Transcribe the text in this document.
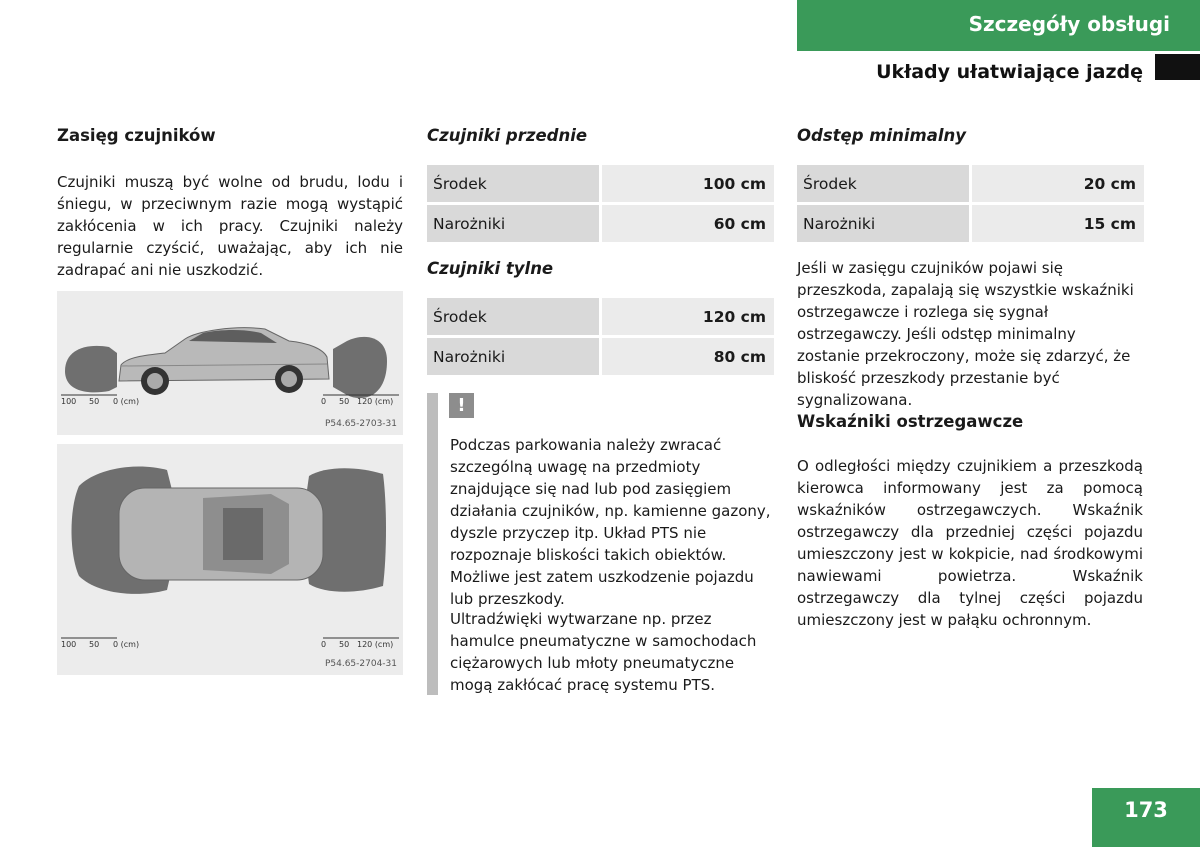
Szczegóły obsługi
Układy ułatwiające jazdę
Zasięg czujników

Czujniki muszą być wolne od brudu, lodu i śniegu, w przeciwnym razie mogą wystąpić zakłócenia w ich pracy. Czujniki należy regularnie czyścić, uważając, aby ich nie zadrapać ani nie uszkodzić.

100 50 0 (cm)	0 50 120 (cm)
P54.65-2703-31
100 50 0 (cm)	0 50 120 (cm)
P54.65-2704-31
Czujniki przednie
Środek	100 cm
Narożniki	60 cm
Czujniki tylne
Środek	120 cm
Narożniki	80 cm
!

Podczas parkowania należy zwracać szczególną uwagę na przedmioty znajdujące się nad lub pod zasięgiem działania czujników, np. kamienne gazony, dyszle przyczep itp. Układ PTS nie rozpoznaje bliskości takich obiektów. Możliwe jest zatem uszkodzenie pojazdu lub przeszkody.

Ultradźwięki wytwarzane np. przez hamulce pneumatyczne w samochodach ciężarowych lub młoty pneumatyczne mogą zakłócać pracę systemu PTS.

Odstęp minimalny
Środek	20 cm
Narożniki	15 cm

Jeśli w zasięgu czujników pojawi się przeszkoda, zapalają się wszystkie wskaźniki ostrzegawcze i rozlega się sygnał ostrzegawczy. Jeśli odstęp minimalny zostanie przekroczony, może się zdarzyć, że bliskość przeszkody przestanie być sygnalizowana.

Wskaźniki ostrzegawcze

O odległości między czujnikiem a przeszkodą kierowca informowany jest za pomocą wskaźników ostrzegawczych. Wskaźnik ostrzegawczy dla przedniej części pojazdu umieszczony jest w kokpicie, nad środkowymi nawiewami powietrza. Wskaźnik ostrzegawczy dla tylnej części pojazdu umieszczony jest w pałąku ochronnym.

173
